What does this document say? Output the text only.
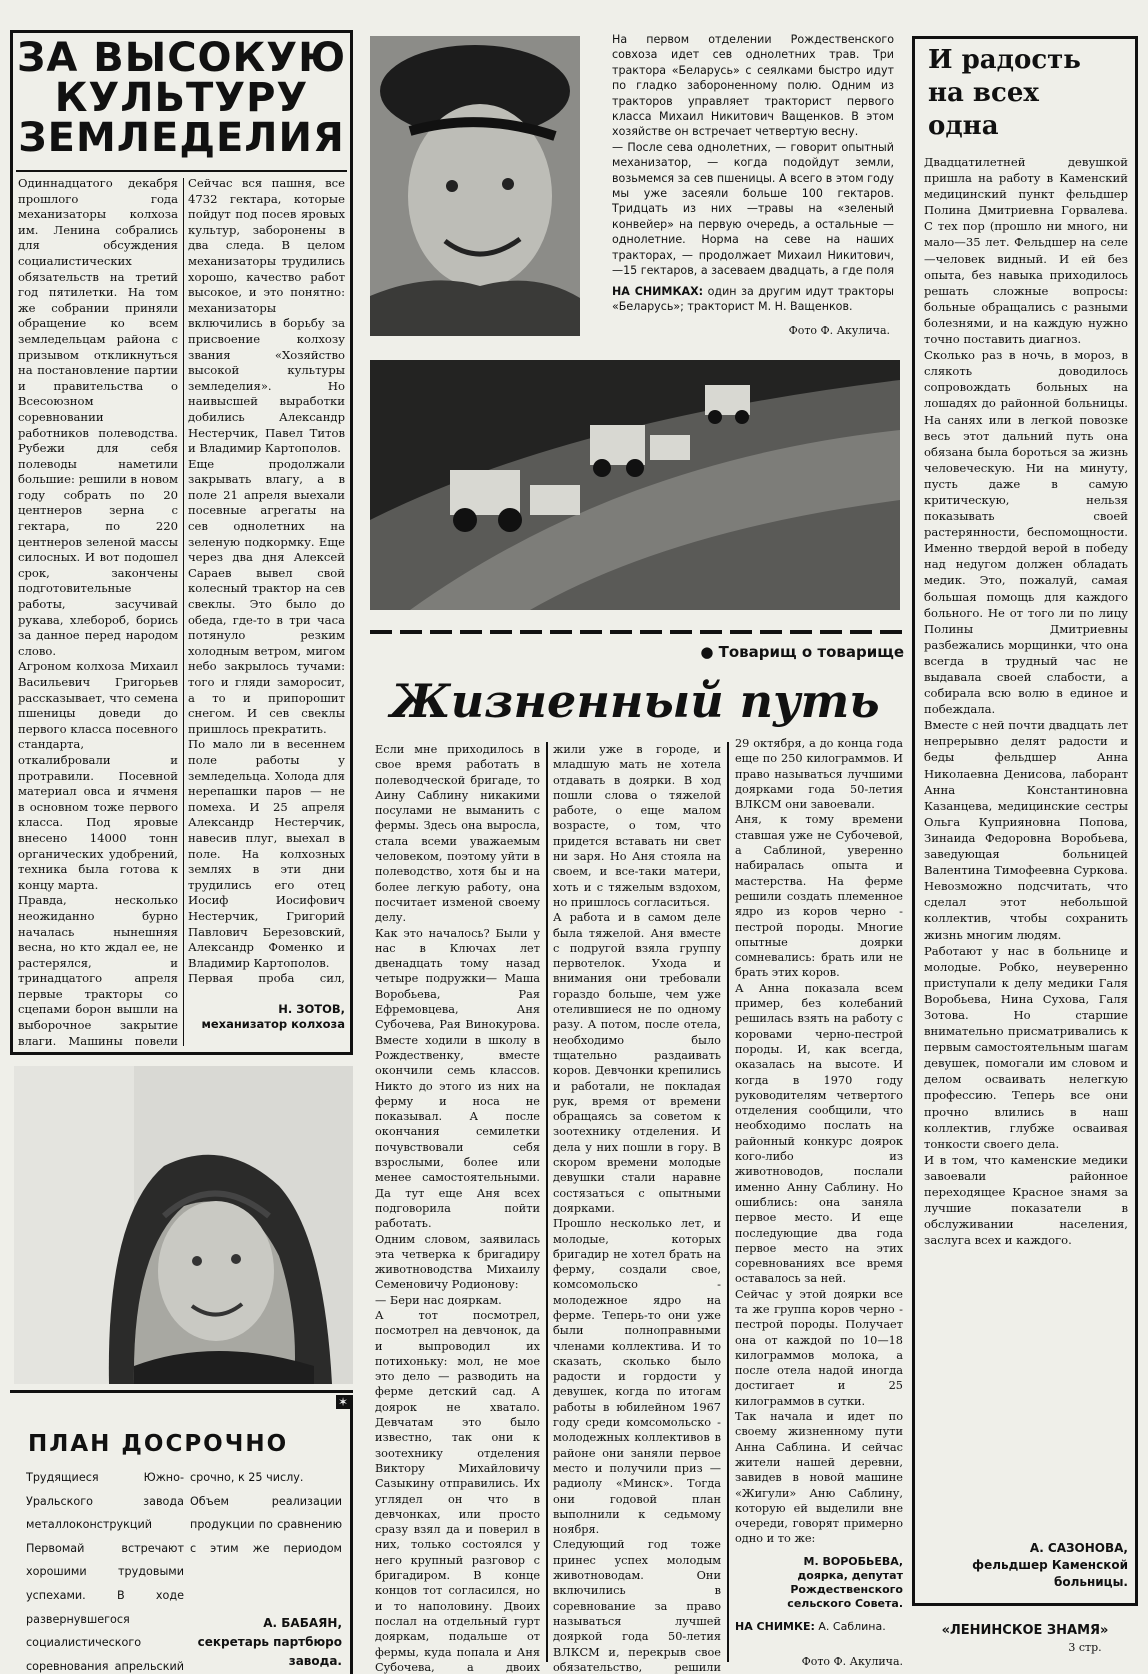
ЗА ВЫСОКУЮ
КУЛЬТУРУ
ЗЕМЛЕДЕЛИЯ
Одиннадцатого декабря прошлого года механизаторы колхоза им. Ленина собрались для обсуждения социалистических обязательств на третий год пятилетки. На том же собрании приняли обращение ко всем земледельцам района с призывом откликнуться на постановление партии и правительства о Всесоюзном соревновании работников полеводства. Рубежи для себя полеводы наметили большие: решили в новом году собрать по 20 центнеров зерна с гектара, по 220 центнеров зеленой массы силосных. И вот подошел срок, закончены подготовительные работы, засучивай рукава, хлебороб, борись за данное перед народом слово.
Агроном колхоза Михаил Васильевич Григорьев рассказывает, что семена пшеницы доведи до первого класса посевного стандарта, откалибровали и протравили. Посевной материал овса и ячменя в основном тоже первого класса. Под яровые внесено 14000 тонн органических удобрений, техника была готова к концу марта.
Правда, несколько неожиданно бурно началась нынешняя весна, но кто ждал ее, не растерялся, и тринадцатого апреля первые тракторы со сцепами борон вышли на выборочное закрытие влаги. Машины повели
Сейчас вся пашня, все 4732 гектара, которые пойдут под посев яровых культур, заборонены в два следа. В целом механизаторы трудились хорошо, качество работ высокое, и это понятно: механизаторы включились в борьбу за присвоение колхозу звания «Хозяйство высокой культуры земледелия». Но наивысшей выработки добились Александр Нестерчик, Павел Титов и Владимир Картополов.
Еще продолжали закрывать влагу, а в поле 21 апреля выехали посевные агрегаты на сев однолетних на зеленую подкормку. Еще через два дня Алексей Сараев вывел свой колесный трактор на сев свеклы. Это было до обеда, где-то в три часа потянуло резким холодным ветром, мигом небо закрылось тучами: того и гляди заморосит, а то и припорошит снегом. И сев свеклы пришлось прекратить.
По мало ли в весеннем поле работы у земледельца. Холода для нерепашки паров — не помеха. И 25 апреля Александр Нестерчик, навесив плуг, выехал в поле. На колхозных землях в эти дни трудились его отец Иосиф Иосифович Нестерчик, Григорий Павлович Березовский, Александр Фоменко и Владимир Картополов.
Первая проба сил,
Н. ЗОТОВ,
механизатор колхоза
✶
ПЛАН ДОСРОЧНО
Трудящиеся Южно-Уральского завода металлоконструкций Первомай встречают хорошими трудовыми успехами. В ходе развернувшегося социалистического соревнования апрельский
срочно, к 25 числу.
Объем реализации продукции по сравнению с этим же периодом
А. БАБАЯН,
секретарь партбюро
завода.
На первом отделении Рождественского совхоза идет сев однолетних трав. Три трактора «Беларусь» с сеялками быстро идут по гладко забороненному полю. Одним из тракторов управляет тракторист первого класса Михаил Никитович Ващенков. В этом хозяйстве он встречает четвертую весну.
— После сева однолетних, — говорит опытный механизатор, — когда подойдут земли, возьмемся за сев пшеницы. А всего в этом году мы уже засеяли больше 100 гектаров. Тридцать из них —травы на «зеленый конвейер» на первую очередь, а остальные — однолетние. Норма на севе на наших тракторах, — продолжает Михаил Никитович, —15 гектаров, а засеваем двадцать, а где поля
НА СНИМКАХ: один за другим идут тракторы «Беларусь»; тракторист М. Н. Ващенков.
Фото Ф. Акулича.
● Товарищ о товарище
Жизненный путь
Если мне приходилось в свое время работать в полеводческой бригаде, то Аину Саблину никакими посулами не выманить с фермы. Здесь она выросла, стала всеми уважаемым человеком, поэтому уйти в полеводство, хотя бы и на более легкую работу, она посчитает изменой своему делу.
Как это началось? Были у нас в Ключах лет двенадцать тому назад четыре подружки— Маша Воробьева, Рая Ефремовцева, Аня Субочева, Рая Винокурова. Вместе ходили в школу в Рождественку, вместе окончили семь классов. Никто до этого из них на ферму и носа не показывал. А после окончания семилетки почувствовали себя взрослыми, более или менее самостоятельными. Да тут еще Аня всех подговорила пойти работать.
Одним словом, заявилась эта четверка к бригадиру животноводства Михаилу Семеновичу Родионову:
— Бери нас дояркам.
А тот посмотрел, посмотрел на девчонок, да и выпроводил их потихоньку: мол, не мое это дело — разводить на ферме детский сад. А доярок не хватало. Девчатам это было известно, так они к зоотехнику отделения Виктору Михайловичу Сазыкину отправились. Их углядел он что в девчонках, или просто сразу взял да и поверил в них, только состоялся у него крупный разговор с бригадиром. В конце концов тот согласился, но и то наполовину. Двоих послал на отдельный гурт дояркам, подальше от фермы, куда попала и Аня Субочева, а двоих

жили уже в городе, и младшую мать не хотела отдавать в доярки. В ход пошли слова о тяжелой работе, о еще малом возрасте, о том, что придется вставать ни свет ни заря. Но Аня стояла на своем, и все-таки матери, хоть и с тяжелым вздохом, но пришлось согласиться.
А работа и в самом деле была тяжелой. Аня вместе с подругой взяла группу первотелок. Ухода и внимания они требовали гораздо больше, чем уже отелившиеся не по одному разу. А потом, после отела, необходимо было тщательно раздаивать коров. Девчонки крепились и работали, не покладая рук, время от времени обращаясь за советом к зоотехнику отделения. И дела у них пошли в гору. В скором времени молодые девушки стали наравне состязаться с опытными доярками.
Прошло несколько лет, и молодые, которых бригадир не хотел брать на ферму, создали свое, комсомольско - молодежное ядро на ферме. Теперь-то они уже были полноправными членами коллектива. И то сказать, сколько было радости и гордости у девушек, когда по итогам работы в юбилейном 1967 году среди комсомольско - молодежных коллективов в районе они заняли первое место и получили приз — радиолу «Минск». Тогда они годовой план выполнили к седьмому ноября.
Следующий год тоже принес успех молодым животноводам. Они включились в соревнование за право называться лучшей дояркой года 50-летия ВЛКСМ и, перекрыв свое обязательство, решили
29 октября, а до конца года еще по 250 килограммов. И право называться лучшими доярками года 50-летия ВЛКСМ они завоевали.
Аня, к тому времени ставшая уже не Субочевой, а Саблиной, уверенно набиралась опыта и мастерства. На ферме решили создать племенное ядро из коров черно - пестрой породы. Многие опытные доярки сомневались: брать или не брать этих коров.
А Анна показала всем пример, без колебаний решилась взять на работу с коровами черно-пестрой породы. И, как всегда, оказалась на высоте. И когда в 1970 году руководителям четвертого отделения сообщили, что необходимо послать на районный конкурс доярок кого-либо из животноводов, послали именно Анну Саблину. Но ошиблись: она заняла первое место. И еще последующие два года первое место на этих соревнованиях все время оставалось за ней.
Сейчас у этой доярки все та же группа коров черно - пестрой породы. Получает она от каждой по 10—18 килограммов молока, а после отела надой иногда достигает и 25 килограммов в сутки.
Так начала и идет по своему жизненному пути Анна Саблина. И сейчас жители нашей деревни, завидев в новой машине «Жигули» Аню Саблину, которую ей выделили вне очереди, говорят примерно одно и то же:

М. ВОРОБЬЕВА,
доярка, депутат Рождественского сельского Совета.
НА СНИМКЕ: А. Саблина.
Фото Ф. Акулича.
И радость
на всех
одна
Двадцатилетней девушкой пришла на работу в Каменский медицинский пункт фельдшер Полина Дмитриевна Горвалева. С тех пор (прошло ни много, ни мало—35 лет. Фельдшер на селе—человек видный. И ей без опыта, без навыка приходилось решать сложные вопросы: больные обращались с разными болезнями, и на каждую нужно точно поставить диагноз.
Сколько раз в ночь, в мороз, в слякоть доводилось сопровождать больных на лошадях до районной больницы. На санях или в легкой повозке весь этот дальний путь она обязана была бороться за жизнь человеческую. Ни на минуту, пусть даже в самую критическую, нельзя показывать своей растерянности, беспомощности. Именно твердой верой в победу над недугом должен обладать медик. Это, пожалуй, самая большая помощь для каждого больного. Не от того ли по лицу Полины Дмитриевны разбежались морщинки, что она всегда в трудный час не выдавала своей слабости, а собирала всю волю в единое и побеждала.
Вместе с ней почти двадцать лет непрерывно делят радости и беды фельдшер Анна Николаевна Денисова, лаборант Анна Константиновна Казанцева, медицинские сестры Ольга Куприяновна Попова, Зинаида Федоровна Воробьева, заведующая больницей Валентина Тимофеевна Суркова. Невозможно подсчитать, что сделал этот небольшой коллектив, чтобы сохранить жизнь многим людям.
Работают у нас в больнице и молодые. Робко, неуверенно приступали к делу медики Галя Воробьева, Нина Сухова, Галя Зотова. Но старшие внимательно присматривались к первым самостоятельным шагам девушек, помогали им словом и делом осваивать нелегкую профессию. Теперь все они прочно влились в наш коллектив, глубже осваивая тонкости своего дела.
И в том, что каменские медики завоевали районное переходящее Красное знамя за лучшие показатели в обслуживании населения, заслуга всех и каждого.
А. САЗОНОВА,
фельдшер Каменской
больницы.
«ЛЕНИНСКОЕ ЗНАМЯ»
3 стр.
